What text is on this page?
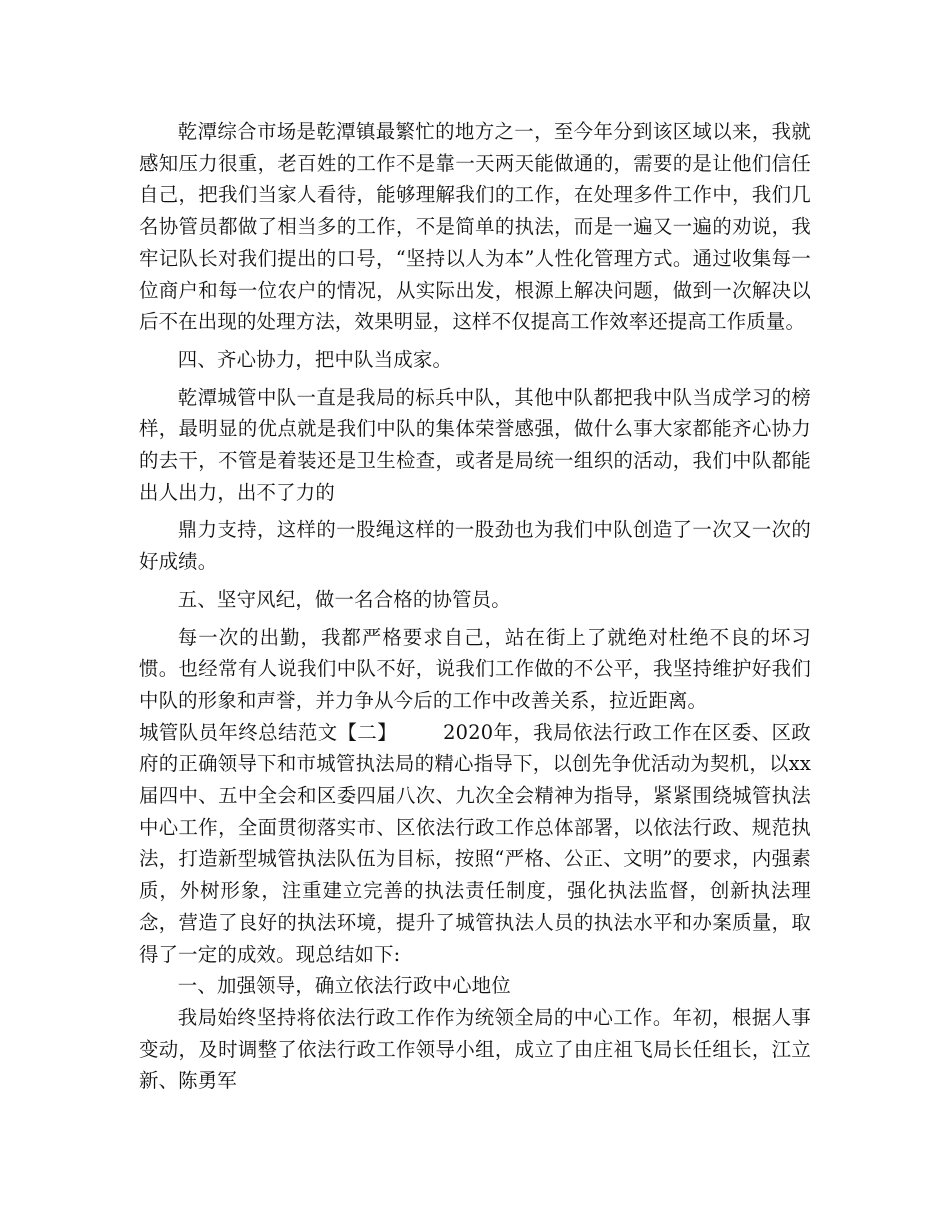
乾潭综合市场是乾潭镇最繁忙的地方之一，至今年分到该区域以来，我就感知压力很重，老百姓的工作不是靠一天两天能做通的，需要的是让他们信任自己，把我们当家人看待，能够理解我们的工作，在处理多件工作中，我们几名协管员都做了相当多的工作，不是简单的执法，而是一遍又一遍的劝说，我牢记队长对我们提出的口号，“坚持以人为本”人性化管理方式。通过收集每一位商户和每一位农户的情况，从实际出发，根源上解决问题，做到一次解决以后不在出现的处理方法，效果明显，这样不仅提高工作效率还提高工作质量。

四、齐心协力，把中队当成家。

乾潭城管中队一直是我局的标兵中队，其他中队都把我中队当成学习的榜样，最明显的优点就是我们中队的集体荣誉感强，做什么事大家都能齐心协力的去干，不管是着装还是卫生检查，或者是局统一组织的活动，我们中队都能出人出力，出不了力的

鼎力支持，这样的一股绳这样的一股劲也为我们中队创造了一次又一次的好成绩。

五、坚守风纪，做一名合格的协管员。

每一次的出勤，我都严格要求自己，站在街上了就绝对杜绝不良的坏习惯。也经常有人说我们中队不好，说我们工作做的不公平，我坚持维护好我们中队的形象和声誉，并力争从今后的工作中改善关系，拉近距离。

城管队员年终总结范文【二】 2020年，我局依法行政工作在区委、区政府的正确领导下和市城管执法局的精心指导下，以创先争优活动为契机，以xx届四中、五中全会和区委四届八次、九次全会精神为指导，紧紧围绕城管执法中心工作，全面贯彻落实市、区依法行政工作总体部署，以依法行政、规范执法，打造新型城管执法队伍为目标，按照“严格、公正、文明”的要求，内强素质，外树形象，注重建立完善的执法责任制度，强化执法监督，创新执法理念，营造了良好的执法环境，提升了城管执法人员的执法水平和办案质量，取得了一定的成效。现总结如下:

一、加强领导，确立依法行政中心地位

我局始终坚持将依法行政工作作为统领全局的中心工作。年初，根据人事变动，及时调整了依法行政工作领导小组，成立了由庄祖飞局长任组长，江立新、陈勇军
